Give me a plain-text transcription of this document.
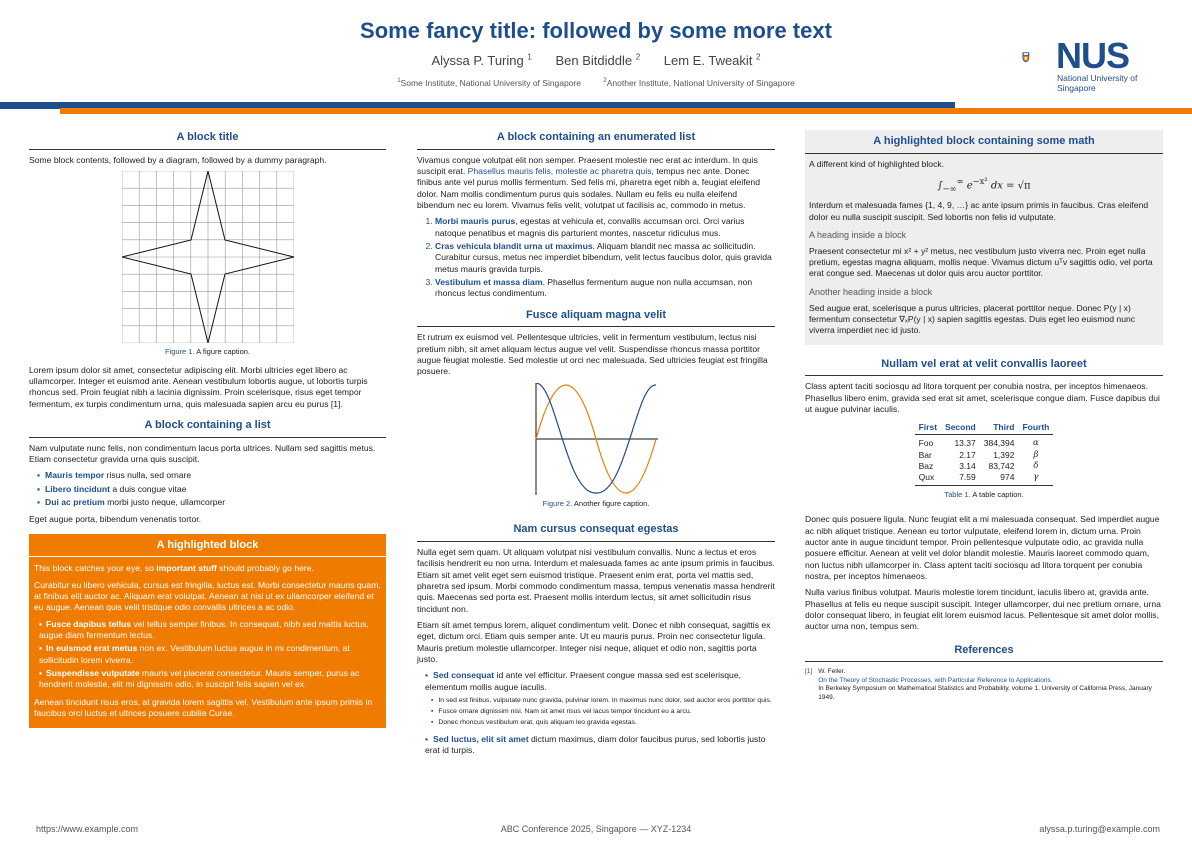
Some fancy title: followed by some more text
Alyssa P. Turing $^1$ Ben Bitdiddle $^2$ Lem E. Tweakit $^2$
$^1$Some Institute, National University of Singapore	$^2$Another Institute, National University of Singapore
NUS
National University of Singapore
A block title

Some block contents, followed by a diagram, followed by a dummy paragraph.

Figure 1. A figure caption.

Lorem ipsum dolor sit amet, consectetur adipiscing elit. Morbi ultricies eget libero ac ullamcorper. Integer et euismod ante. Aenean vestibulum lobortis augue, ut lobortis turpis rhoncus sed. Proin feugiat nibh a lacinia dignissim. Proin scelerisque, risus eget tempor fermentum, ex turpis condimentum urna, quis malesuada sapien arcu eu purus [1].

A block containing a list

Nam vulputate nunc felis, non condimentum lacus porta ultrices. Nullam sed sagittis metus. Etiam consectetur gravida urna quis suscipit.

▪ Mauris tempor risus nulla, sed ornare
▪ Libero tincidunt a duis congue vitae
▪ Dui ac pretium morbi justo neque, ullamcorper

Eget augue porta, bibendum venenatis tortor.

A highlighted block

This block catches your eye, so important stuff should probably go here.

Curabitur eu libero vehicula, cursus est fringilla, luctus est. Morbi consectetur mauris quam, at finibus elit auctor ac. Aliquam erat volutpat. Aenean at nisl ut ex ullamcorper eleifend et eu augue. Aenean quis velit tristique odio convallis ultrices a ac odio.

▪ Fusce dapibus tellus vel tellus semper finibus. In consequat, nibh sed mattis luctus, augue diam fermentum lectus.
▪ In euismod erat metus non ex. Vestibulum luctus augue in mi condimentum, at sollicitudin lorem viverra.
▪ Suspendisse vulputate mauris vel placerat consectetur. Mauris semper, purus ac hendrerit molestie, elit mi dignissim odio, in suscipit felis sapien vel ex.

Aenean tincidunt risus eros, at gravida lorem sagittis vel. Vestibulum ante ipsum primis in faucibus orci luctus et ultrices posuere cubilia Curae.

A block containing an enumerated list

Vivamus congue volutpat elit non semper. Praesent molestie nec erat ac interdum. In quis suscipit erat. Phasellus mauris felis, molestie ac pharetra quis, tempus nec ante. Donec finibus ante vel purus mollis fermentum. Sed felis mi, pharetra eget nibh a, feugiat eleifend dolor. Nam mollis condimentum purus quis sodales. Nullam eu felis eu nulla eleifend bibendum nec eu lorem. Vivamus felis velit, volutpat ut facilisis ac, commodo in metus.

1. Morbi mauris purus, egestas at vehicula et, convallis accumsan orci. Orci varius natoque penatibus et magnis dis parturient montes, nascetur ridiculus mus.
2. Cras vehicula blandit urna ut maximus. Aliquam blandit nec massa ac sollicitudin. Curabitur cursus, metus nec imperdiet bibendum, velit lectus faucibus dolor, quis gravida metus mauris gravida turpis.
3. Vestibulum et massa diam. Phasellus fermentum augue non nulla accumsan, non rhoncus lectus condimentum.
Fusce aliquam magna velit

Et rutrum ex euismod vel. Pellentesque ultricies, velit in fermentum vestibulum, lectus nisi pretium nibh, sit amet aliquam lectus augue vel velit. Suspendisse rhoncus massa porttitor augue feugiat molestie. Sed molestie ut orci nec malesuada. Sed ultricies feugiat est fringilla posuere.

Figure 2. Another figure caption.
Nam cursus consequat egestas

Nulla eget sem quam. Ut aliquam volutpat nisi vestibulum convallis. Nunc a lectus et eros facilisis hendrerit eu non urna. Interdum et malesuada fames ac ante ipsum primis in faucibus. Etiam sit amet velit eget sem euismod tristique. Praesent enim erat, porta vel mattis sed, pharetra sed ipsum. Morbi commodo condimentum massa, tempus venenatis massa hendrerit quis. Maecenas sed porta est. Praesent mollis interdum lectus, sit amet sollicitudin risus tincidunt non.

Etiam sit amet tempus lorem, aliquet condimentum velit. Donec et nibh consequat, sagittis ex eget, dictum orci. Etiam quis semper ante. Ut eu mauris purus. Proin nec consectetur ligula. Mauris pretium molestie ullamcorper. Integer nisi neque, aliquet et odio non, sagittis porta justo.

▪ Sed consequat id ante vel efficitur. Praesent congue massa sed est scelerisque, elementum mollis augue iaculis.
▪ In sed est finibus, vulputate nunc gravida, pulvinar lorem. In maximus nunc dolor, sed auctor eros porttitor quis.
▪ Fusce ornare dignissim nisi. Nam sit amet risus vel lacus tempor tincidunt eu a arcu.
▪ Donec rhoncus vestibulum erat, quis aliquam leo gravida egestas.
▪ Sed luctus, elit sit amet dictum maximus, diam dolor faucibus purus, sed lobortis justo erat id turpis.
A highlighted block containing some math

A different kind of highlighted block.

$\int_{-\infty}^\infty$ $e^{-x^2}$ dx = √π

Interdum et malesuada fames {1, 4, 9, …} ac ante ipsum primis in faucibus. Cras eleifend dolor eu nulla suscipit suscipit. Sed lobortis non felis id vulputate.

A heading inside a block

Praesent consectetur mi x² + y² metus, nec vestibulum justo viverra nec. Proin eget nulla pretium, egestas magna aliquam, mollis neque. Vivamus dictum uᵀv sagittis odio, vel porta erat congue sed. Maecenas ut dolor quis arcu auctor porttitor.

Another heading inside a block

Sed augue erat, scelerisque a purus ultricies, placerat porttitor neque. Donec P(y | x) fermentum consectetur ∇ₓP(y | x) sapien sagittis egestas. Duis eget leo euismod nunc viverra imperdiet nec id justo.

Nullam vel erat at velit convallis laoreet

Class aptent taciti sociosqu ad litora torquent per conubia nostra, per inceptos himenaeos. Phasellus libero enim, gravida sed erat sit amet, scelerisque congue diam. Fusce dapibus dui ut augue pulvinar iaculis.

First	Second	Third	Fourth
Foo	13.37	384,394	α
Bar	2.17	1,392	β
Baz	3.14	83,742	δ
Qux	7.59	974	γ
Table 1. A table caption.

Donec quis posuere ligula. Nunc feugiat elit a mi malesuada consequat. Sed imperdiet augue ac nibh aliquet tristique. Aenean eu tortor vulputate, eleifend lorem in, dictum urna. Proin auctor ante in augue tincidunt tempor. Proin pellentesque vulputate odio, ac gravida nulla posuere efficitur. Aenean at velit vel dolor blandit molestie. Mauris laoreet commodo quam, non luctus nibh ullamcorper in. Class aptent taciti sociosqu ad litora torquent per conubia nostra, per inceptos himenaeos.

Nulla varius finibus volutpat. Mauris molestie lorem tincidunt, iaculis libero at, gravida ante. Phasellus at felis eu neque suscipit suscipit. Integer ullamcorper, dui nec pretium ornare, urna dolor consequat libero, in feugiat elit lorem euismod lacus. Pellentesque sit amet dolor mollis, auctor urna non, tempus sem.

References
[1] W. Feller.
On the Theory of Stochastic Processes, with Particular Reference to Applications.
In Berkeley Symposium on Mathematical Statistics and Probability, volume 1. University of California Press, January 1949.
https://www.example.com	ABC Conference 2025, Singapore — XYZ-1234	alyssa.p.turing@example.com
